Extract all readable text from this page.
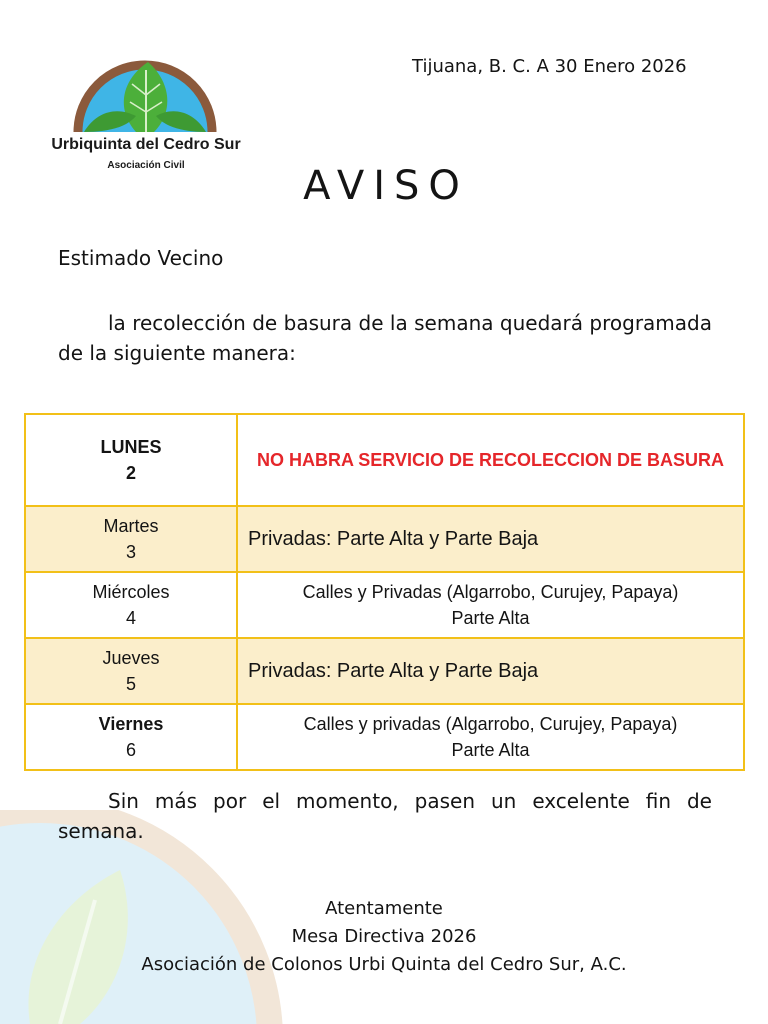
Urbiquinta del Cedro Sur
Asociación Civil
Tijuana, B. C. A 30 Enero 2026
AVISO
Estimado Vecino
la recolección de basura de la semana quedará programada de la siguiente manera:
LUNES
2	NO HABRA SERVICIO DE RECOLECCION DE BASURA
Martes
3	Privadas: Parte Alta y Parte Baja
Miércoles
4	Calles y Privadas (Algarrobo, Curujey, Papaya)
Parte Alta
Jueves
5	Privadas: Parte Alta y Parte Baja
Viernes
6	Calles y privadas (Algarrobo, Curujey, Papaya)
Parte Alta
Sin más por el momento, pasen un excelente fin de semana.
Atentamente
Mesa Directiva 2026
Asociación de Colonos Urbi Quinta del Cedro Sur, A.C.
